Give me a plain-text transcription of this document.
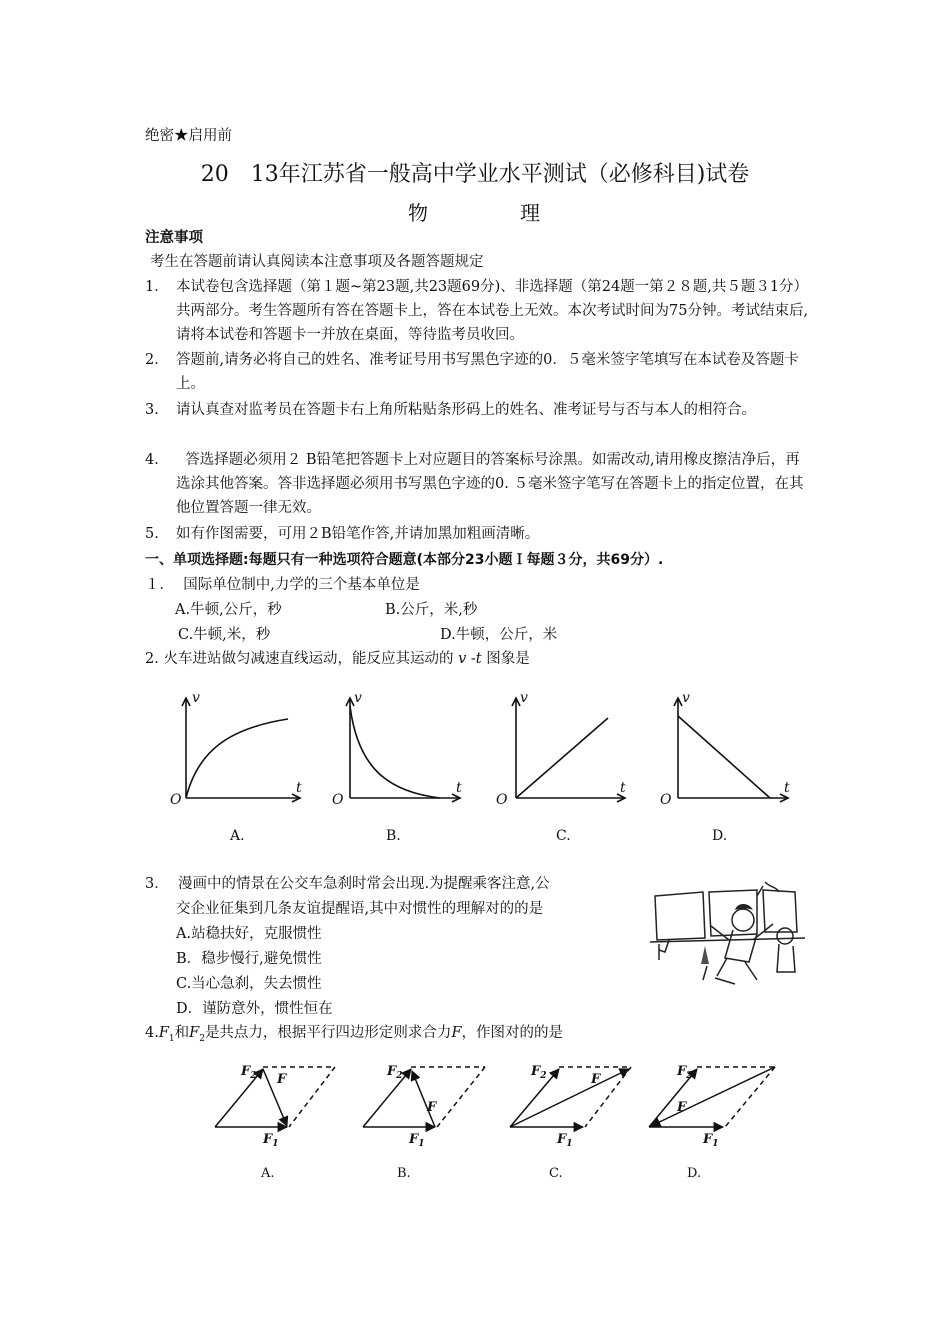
绝密★启用前
20　13年江苏省一般高中学业水平测试（必修科目)试卷
物	理
注意事项
考生在答题前请认真阅读本注意事项及各题答题规定
1． 本试卷包含选择题（第１题~第23题,共23题69分)、非选择题（第24题一第２８题,共５题３1分）共两部分。考生答题所有答在答题卡上，答在本试卷上无效。本次考试时间为75分钟。考试结束后,请将本试卷和答题卡一并放在桌面，等待监考员收回。
2． 答题前,请务必将自己的姓名、准考证号用书写黑色字迹的0．５毫米签字笔填写在本试卷及答题卡上。
3. 请认真查对监考员在答题卡右上角所粘贴条形码上的姓名、准考证号与否与本人的相符合。
4． 答选择题必须用２ B铅笔把答题卡上对应题目的答案标号涂黑。如需改动,请用橡皮擦洁净后，再选涂其他答案。答非选择题必须用书写黑色字迹的0. ５毫米签字笔写在答题卡上的指定位置，在其他位置答题一律无效。
5. 如有作图需要，可用２B铅笔作答,并请加黑加粗画清晰。
一、单项选择题:每题只有一种选项符合题意(本部分23小题Ｉ每题３分，共69分）.
１．  国际单位制中,力学的三个基本单位是
A.牛顿,公斤，秒	B.公斤，米,秒
C.牛顿,米，秒	D.牛顿，公斤，米
2. 火车进站做匀减速直线运动，能反应其运动的 v -t 图象是
v
t
O
v
t
O
v
t
O
v
t
O
A.	B.	C.	D.
3．  漫画中的情景在公交车急刹时常会出现.为提醒乘客注意,公
交企业征集到几条友谊提醒语,其中对惯性的理解对的的是
A.站稳扶好，克服惯性
B．稳步慢行,避免惯性
C.当心急刹，失去惯性
D．谨防意外，惯性恒在
$4.F_1$和$F_2$是共点力，根据平行四边形定则求合力F，作图对的的是
$F_2$ F
$F_1$
$F_2$
F
$F_1$
$F_2$	F
$F_1$
$F_2$
F
$F_1$
A.	B.	C.	D.
